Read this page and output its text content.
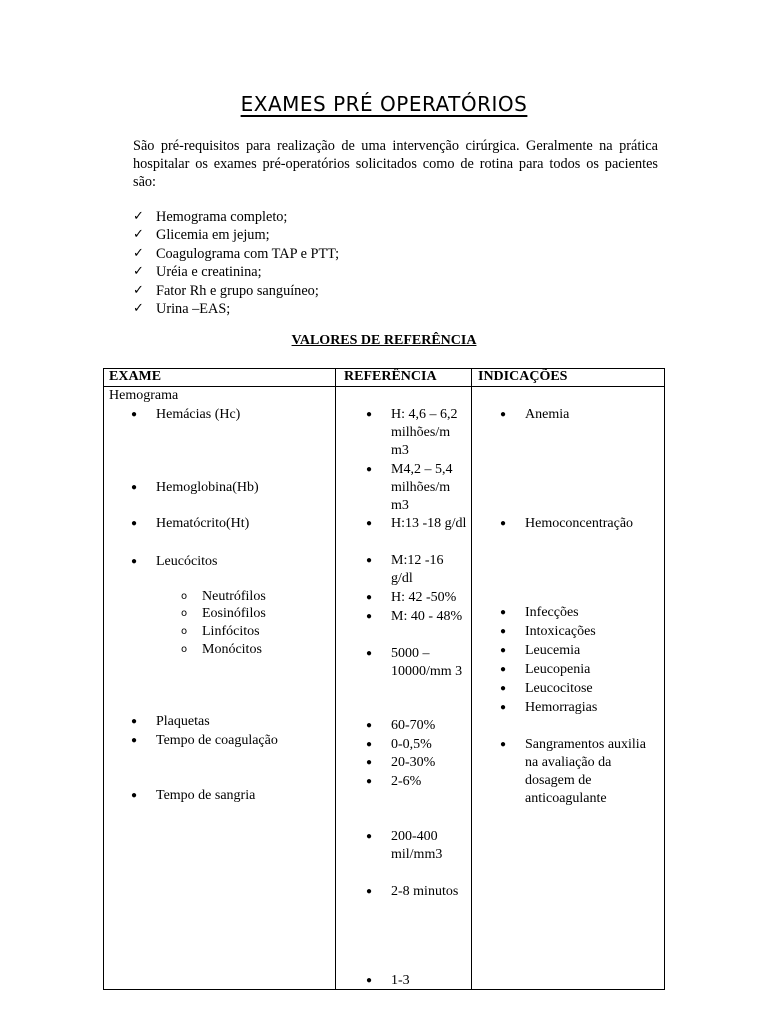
EXAMES PRÉ OPERATÓRIOS
São pré-requisitos para realização de uma intervenção cirúrgica. Geralmente na prática hospitalar os exames pré-operatórios solicitados como de rotina para todos os pacientes são:
✓ Hemograma completo;
✓ Glicemia em jejum;
✓ Coagulograma com TAP e PTT;
✓ Uréia e creatinina;
✓ Fator Rh e grupo sanguíneo;
✓ Urina –EAS;
VALORES DE REFERÊNCIA
EXAME	REFERÊNCIA	INDICAÇÕES
Hemograma
● Hemácias (Hc)
● Hemoglobina(Hb)
● Hematócrito(Ht)
● Leucócitos
o Neutrófilos
o Eosinófilos
o Linfócitos
o Monócitos
● Plaquetas
● Tempo de coagulação
● Tempo de sangria
● H: 4,6 – 6,2 milhões/m m3
● M4,2 – 5,4 milhões/m m3
● H:13 -18 g/dl
● M:12 -16 g/dl
● H: 42 -50%
● M: 40 - 48%
● 5000 – 10000/mm 3
● 60-70%
● 0-0,5%
● 20-30%
● 2-6%
● 200-400 mil/mm3
● 2-8 minutos
● 1-3
● Anemia
● Hemoconcentração
● Infecções
● Intoxicações
● Leucemia
● Leucopenia
● Leucocitose
● Hemorragias
● Sangramentos auxilia na avaliação da dosagem de anticoagulante
